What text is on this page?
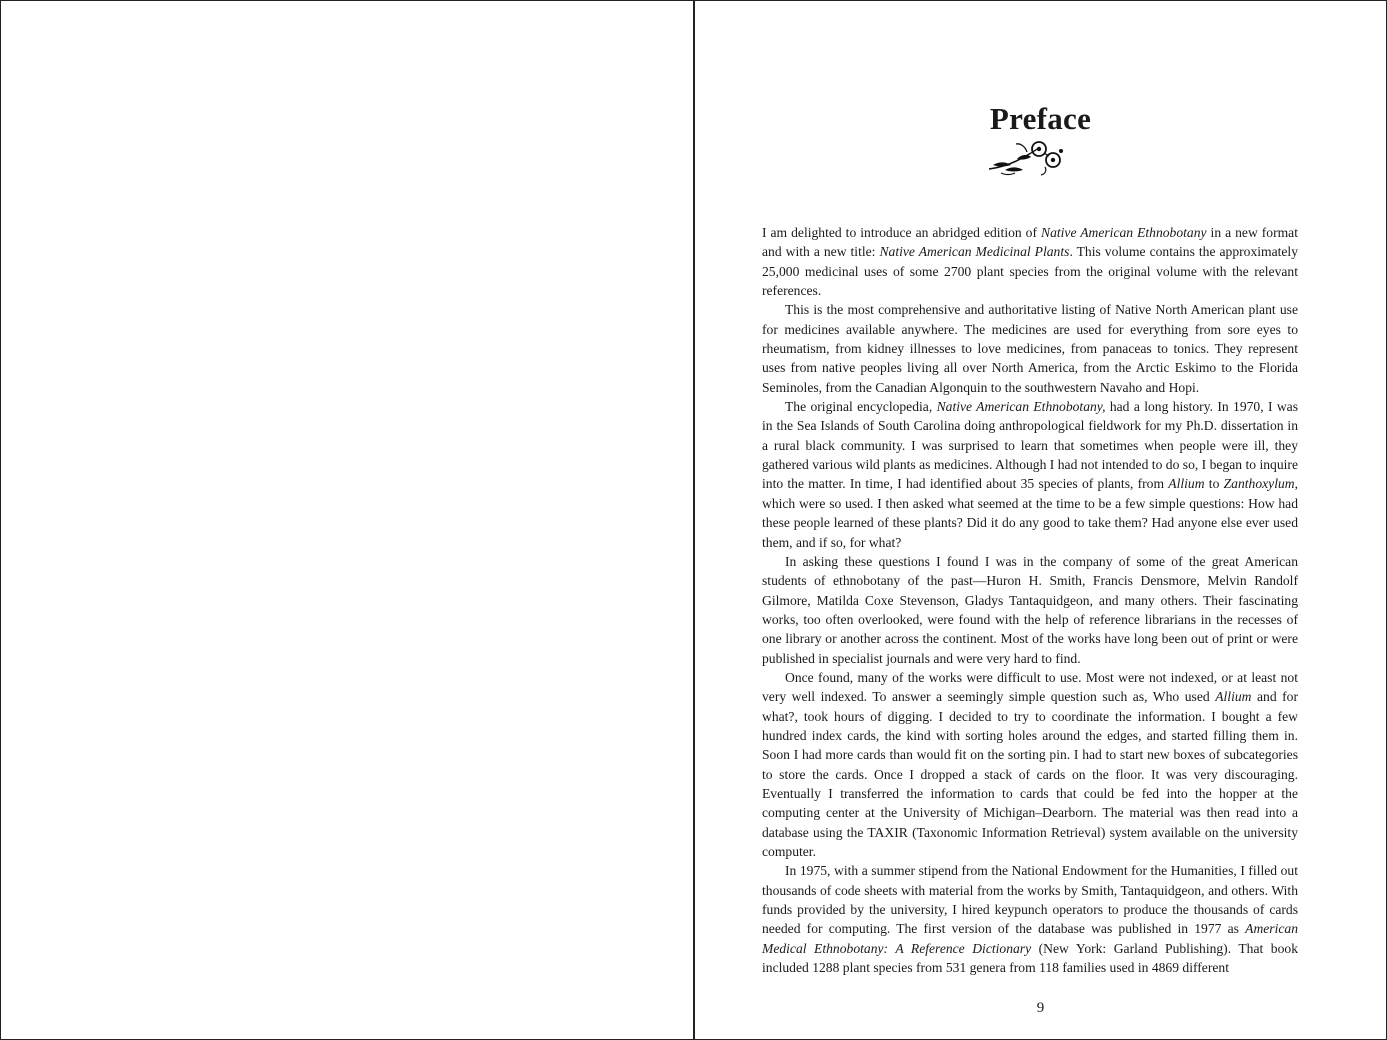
Preface

I am delighted to introduce an abridged edition of Native American Ethnobotany in a new format and with a new title: Native American Medicinal Plants. This volume contains the approximately 25,000 medicinal uses of some 2700 plant species from the original volume with the relevant references.

This is the most comprehensive and authoritative listing of Native North American plant use for medicines available anywhere. The medicines are used for everything from sore eyes to rheumatism, from kidney illnesses to love medicines, from panaceas to tonics. They represent uses from native peoples living all over North America, from the Arctic Eskimo to the Florida Seminoles, from the Canadian Algonquin to the southwestern Navaho and Hopi.

The original encyclopedia, Native American Ethnobotany, had a long history. In 1970, I was in the Sea Islands of South Carolina doing anthropological fieldwork for my Ph.D. dissertation in a rural black community. I was surprised to learn that sometimes when people were ill, they gathered various wild plants as medicines. Although I had not intended to do so, I began to inquire into the matter. In time, I had identified about 35 species of plants, from Allium to Zanthoxylum, which were so used. I then asked what seemed at the time to be a few simple questions: How had these people learned of these plants? Did it do any good to take them? Had anyone else ever used them, and if so, for what?

In asking these questions I found I was in the company of some of the great American students of ethnobotany of the past—Huron H. Smith, Francis Densmore, Melvin Randolf Gilmore, Matilda Coxe Stevenson, Gladys Tantaquidgeon, and many others. Their fascinating works, too often overlooked, were found with the help of reference librarians in the recesses of one library or another across the continent. Most of the works have long been out of print or were published in specialist journals and were very hard to find.

Once found, many of the works were difficult to use. Most were not indexed, or at least not very well indexed. To answer a seemingly simple question such as, Who used Allium and for what?, took hours of digging. I decided to try to coordinate the information. I bought a few hundred index cards, the kind with sorting holes around the edges, and started filling them in. Soon I had more cards than would fit on the sorting pin. I had to start new boxes of subcategories to store the cards. Once I dropped a stack of cards on the floor. It was very discouraging. Eventually I transferred the information to cards that could be fed into the hopper at the computing center at the University of Michigan–Dearborn. The material was then read into a database using the TAXIR (Taxonomic Information Retrieval) system available on the university computer.

In 1975, with a summer stipend from the National Endowment for the Humanities, I filled out thousands of code sheets with material from the works by Smith, Tantaquidgeon, and others. With funds provided by the university, I hired keypunch operators to produce the thousands of cards needed for computing. The first version of the database was published in 1977 as American Medical Ethnobotany: A Reference Dictionary (New York: Garland Publishing). That book included 1288 plant species from 531 genera from 118 families used in 4869 different

9
